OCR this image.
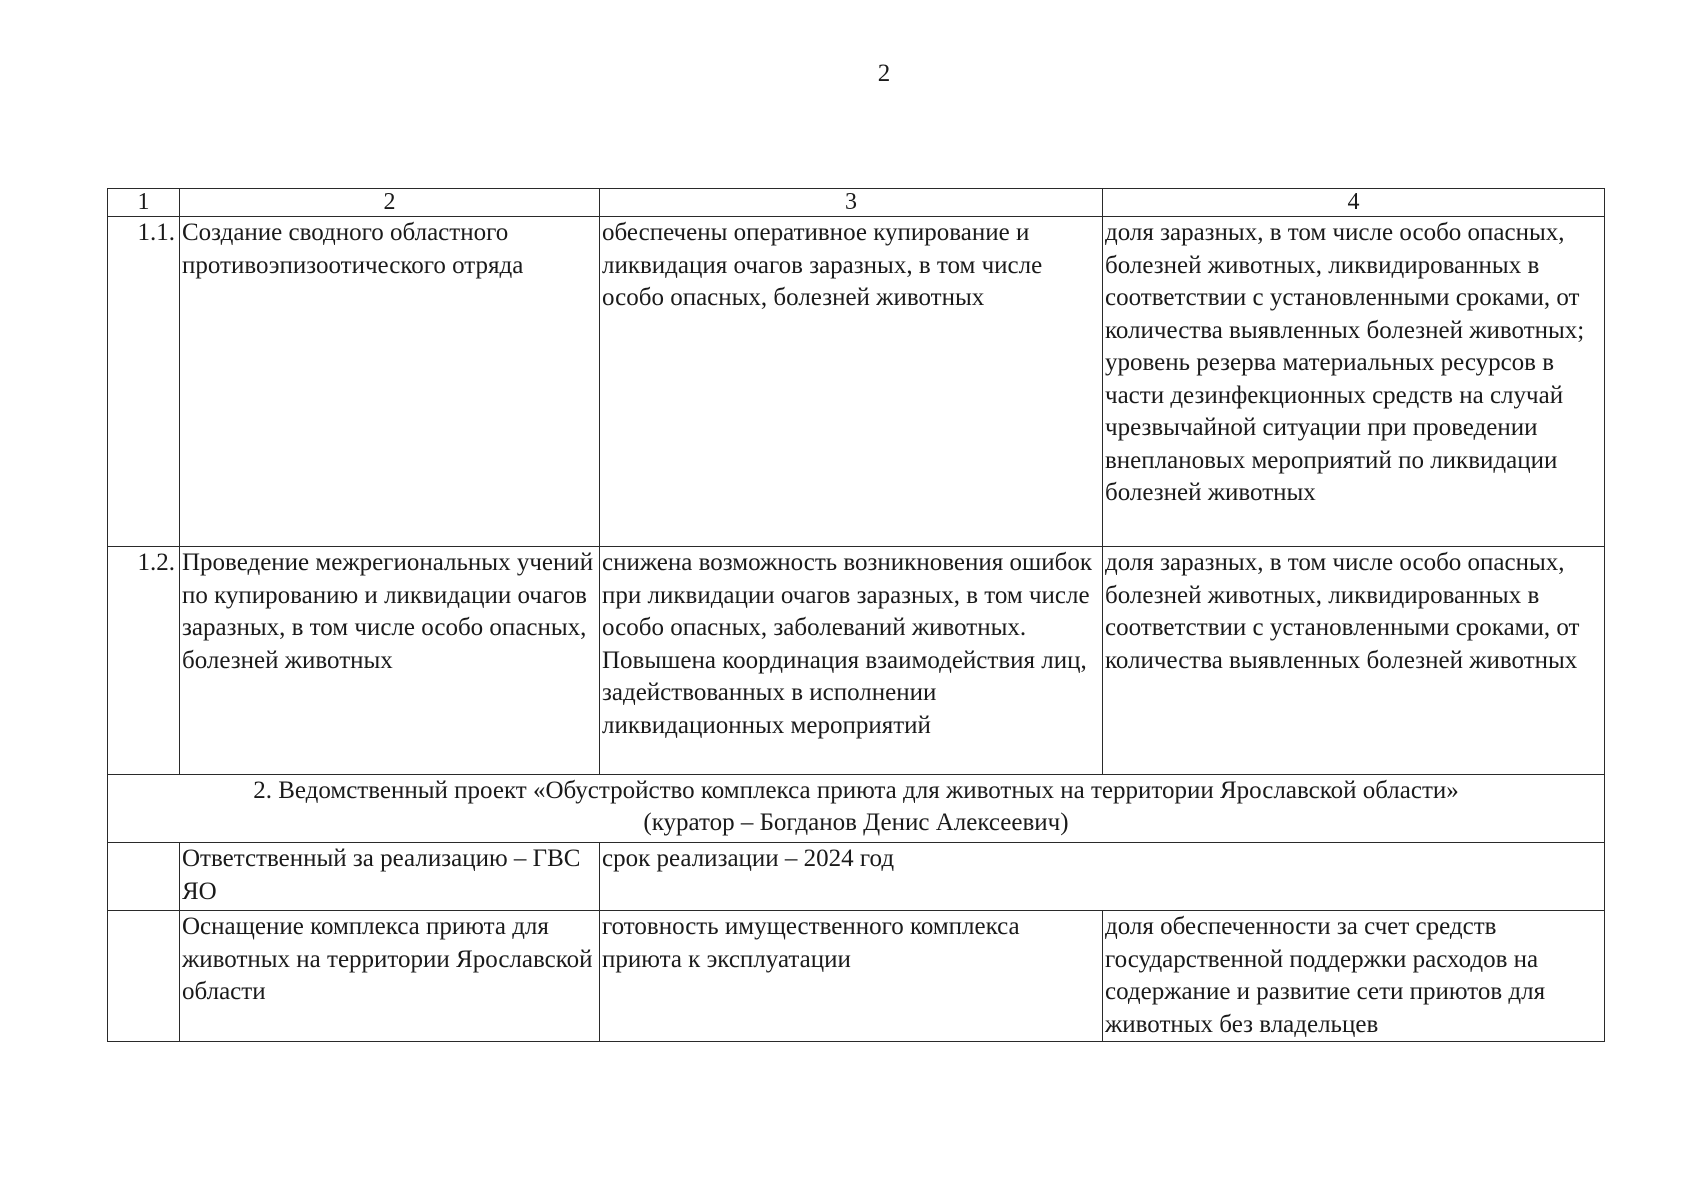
2
1	2	3	4
1.1.	Создание сводного областного противоэпизоотического отряда	обеспечены оперативное купирование и ликвидация очагов заразных, в том числе особо опасных, болезней животных	доля заразных, в том числе особо опасных, болезней животных, ликвидированных в соответствии с установленными сроками, от количества выявленных болезней животных; уровень резерва материальных ресурсов в части дезинфекционных средств на случай чрезвычайной ситуации при проведении внеплановых мероприятий по ликвидации болезней животных
1.2.	Проведение межрегиональных учений по купированию и ликвидации очагов заразных, в том числе особо опасных, болезней животных	снижена возможность возникновения ошибок при ликвидации очагов заразных, в том числе особо опасных, заболеваний животных. Повышена координация взаимодействия лиц, задействованных в исполнении ликвидационных мероприятий	доля заразных, в том числе особо опасных, болезней животных, ликвидированных в соответствии с установленными сроками, от количества выявленных болезней животных

2. Ведомственный проект «Обустройство комплекса приюта для животных на территории Ярославской области»
(куратор – Богданов Денис Алексеевич)			

	Ответственный за реализацию – ГВС ЯО	срок реализации – 2024 год	
	Оснащение комплекса приюта для животных на территории Ярославской области	готовность имущественного комплекса приюта к эксплуатации	доля обеспеченности за счет средств государственной поддержки расходов на содержание и развитие сети приютов для животных без владельцев
